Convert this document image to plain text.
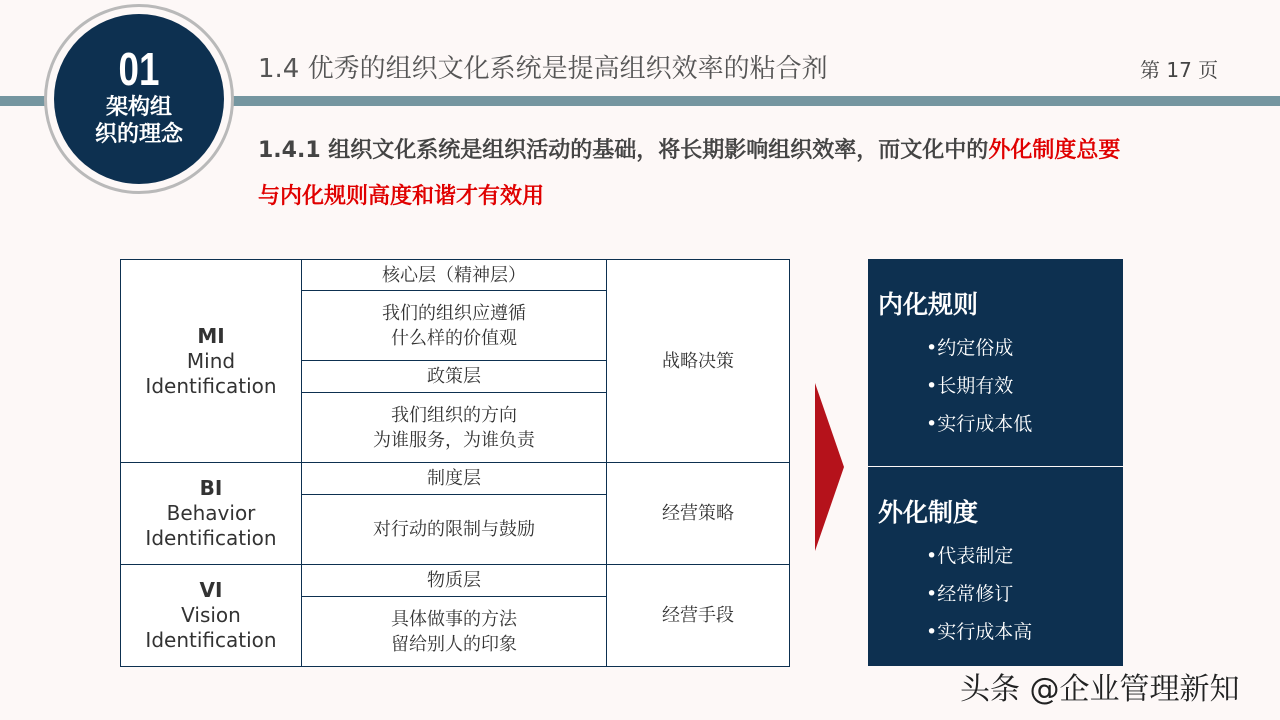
01
架构组
织的理念
1.4 优秀的组织文化系统是提高组织效率的粘合剂	第 17 页
1.4.1 组织文化系统是组织活动的基础，将长期影响组织效率，而文化中的外化制度总要与内化规则高度和谐才有效用
MI
Mind
Identification	核心层（精神层）	战略决策

	我们的组织应遵循
什么样的价值观	

	政策层	

	我们组织的方向
为谁服务，为谁负责	

BI
Behavior
Identification	制度层	经营策略
	对行动的限制与鼓励	

VI
Vision
Identification	物质层	经营手段

	具体做事的方法
留给别人的印象	
内化规则
•约定俗成
•长期有效
•实行成本低
外化制度
•代表制定
•经常修订
•实行成本高
头条 @企业管理新知
